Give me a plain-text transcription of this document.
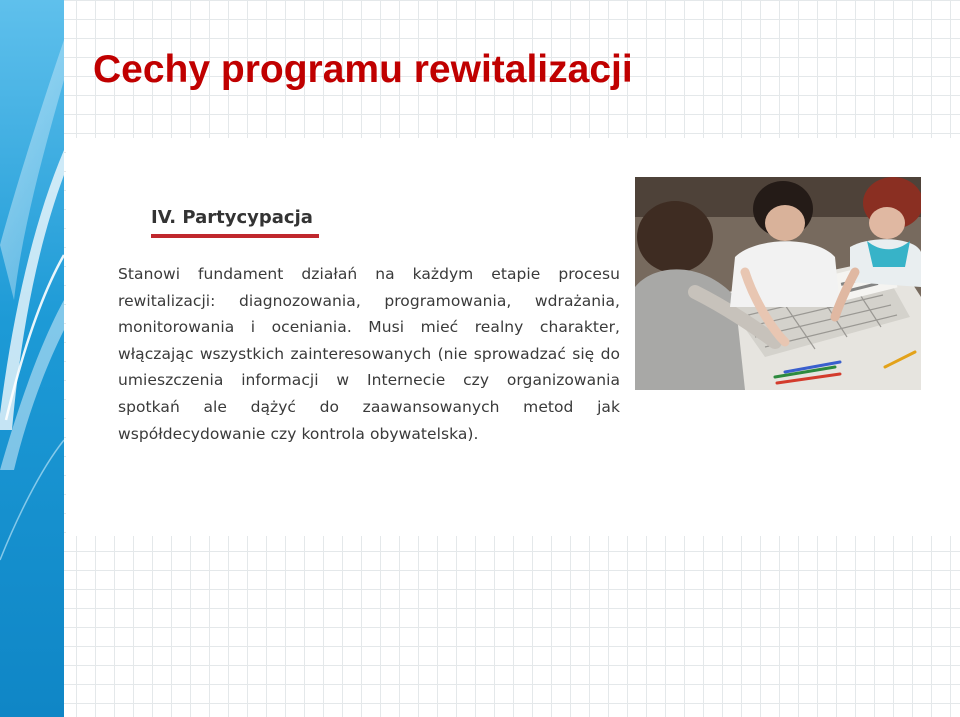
Cechy programu rewitalizacji
IV. Partycypacja

Stanowi fundament działań na każdym etapie procesu rewitalizacji: diagnozowania, programowania, wdrażania, monitorowania i oceniania. Musi mieć realny charakter, włączając wszystkich zainteresowanych (nie sprowadzać się do umieszczenia informacji w Internecie czy organizowania spotkań ale dążyć do zaawansowanych metod jak współdecydowanie czy kontrola obywatelska).
